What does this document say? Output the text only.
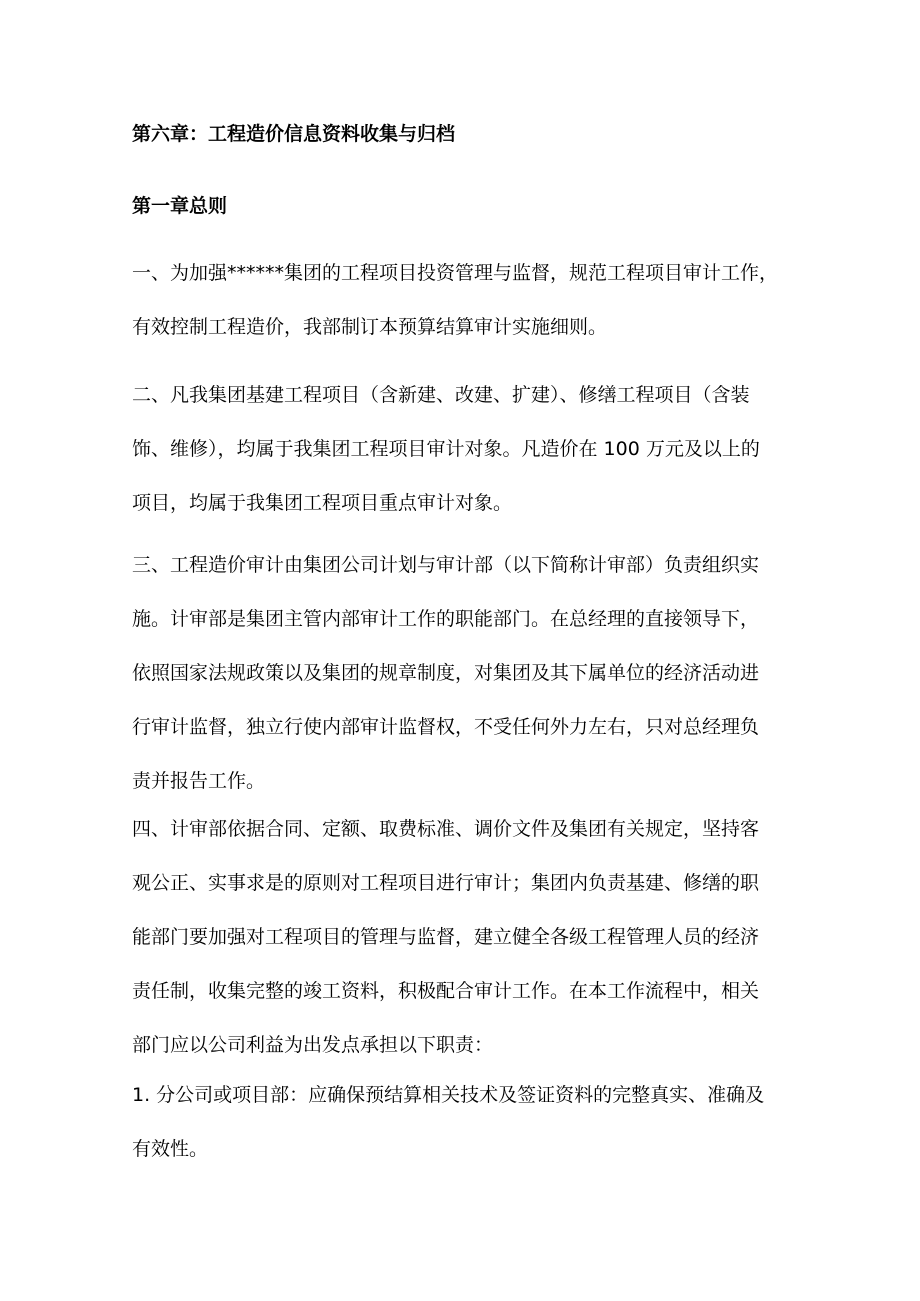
第六章：工程造价信息资料收集与归档
第一章总则
一、为加强******集团的工程项目投资管理与监督，规范工程项目审计工作，
有效控制工程造价，我部制订本预算结算审计实施细则。
二、凡我集团基建工程项目（含新建、改建、扩建）、修缮工程项目（含装
饰、维修），均属于我集团工程项目审计对象。凡造价在 100 万元及以上的
项目，均属于我集团工程项目重点审计对象。
三、工程造价审计由集团公司计划与审计部（以下简称计审部）负责组织实
施。计审部是集团主管内部审计工作的职能部门。在总经理的直接领导下，
依照国家法规政策以及集团的规章制度，对集团及其下属单位的经济活动进
行审计监督，独立行使内部审计监督权，不受任何外力左右，只对总经理负
责并报告工作。
四、计审部依据合同、定额、取费标准、调价文件及集团有关规定，坚持客
观公正、实事求是的原则对工程项目进行审计；集团内负责基建、修缮的职
能部门要加强对工程项目的管理与监督，建立健全各级工程管理人员的经济
责任制，收集完整的竣工资料，积极配合审计工作。在本工作流程中，相关
部门应以公司利益为出发点承担以下职责：
1. 分公司或项目部：应确保预结算相关技术及签证资料的完整真实、准确及
有效性。
